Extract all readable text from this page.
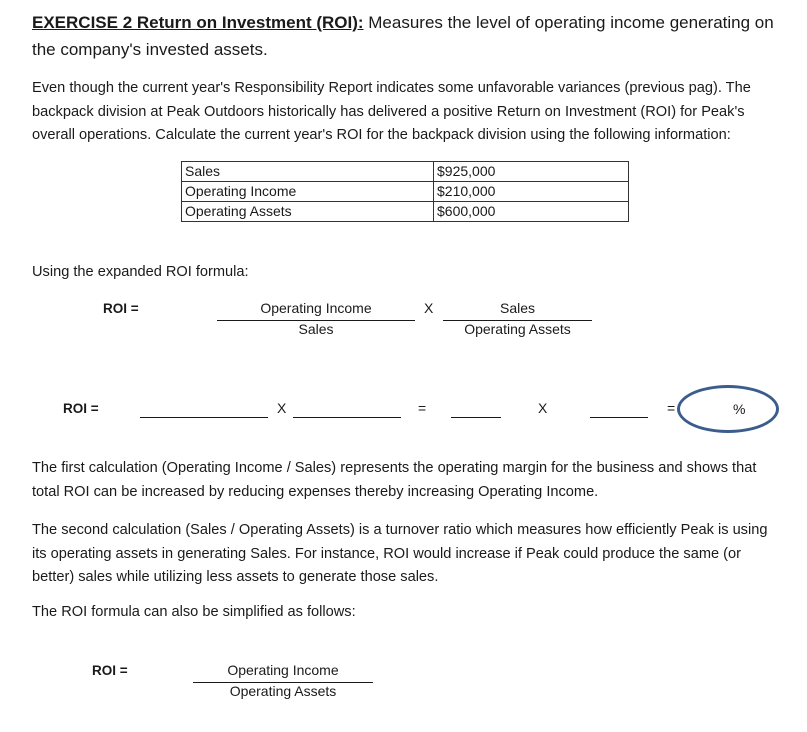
EXERCISE 2 Return on Investment (ROI): Measures the level of operating income generating on the company's invested assets.
Even though the current year's Responsibility Report indicates some unfavorable variances (previous pag). The backpack division at Peak Outdoors historically has delivered a positive Return on Investment (ROI) for Peak's overall operations. Calculate the current year's ROI for the backpack division using the following information:
Sales	$925,000
Operating Income	$210,000
Operating Assets	$600,000
Using the expanded ROI formula:
ROI =	Operating Income
Sales
X	Sales
Operating Assets
ROI =	X	=	X	=	%
The first calculation (Operating Income / Sales) represents the operating margin for the business and shows that total ROI can be increased by reducing expenses thereby increasing Operating Income.
The second calculation (Sales / Operating Assets) is a turnover ratio which measures how efficiently Peak is using its operating assets in generating Sales. For instance, ROI would increase if Peak could produce the same (or better) sales while utilizing less assets to generate those sales.
The ROI formula can also be simplified as follows:
ROI =	Operating Income
Operating Assets
